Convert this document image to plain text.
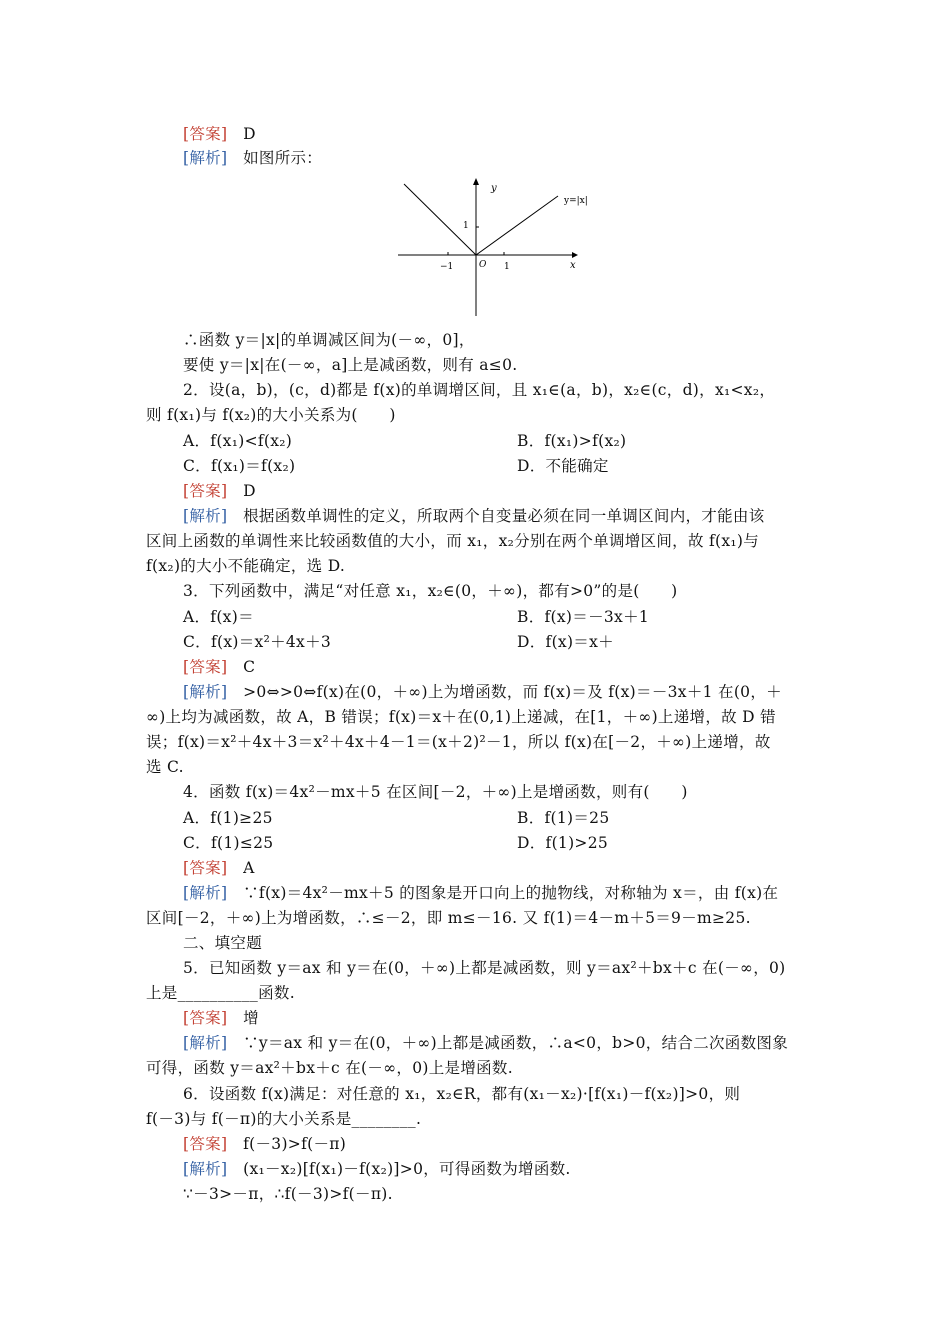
[答案]　 D
[解析]　 如图所示：
y
x
y=|x|
1
−1	O 1
∴函数 y＝|x|的单调减区间为(－∞，0]，
要使 y＝|x|在(－∞，a]上是减函数，则有 a≤0.
2．设(a，b)，(c，d)都是 f(x)的单调增区间，且 x₁∈(a，b)，x₂∈(c，d)，x₁<x₂，
则 f(x₁)与 f(x₂)的大小关系为(　　)
A．f(x₁)<f(x₂)	B．f(x₁)>f(x₂)
C．f(x₁)＝f(x₂)	D．不能确定
[答案]　 D
[解析]　 根据函数单调性的定义，所取两个自变量必须在同一单调区间内，才能由该
区间上函数的单调性来比较函数值的大小，而 x₁，x₂分别在两个单调增区间，故 f(x₁)与
f(x₂)的大小不能确定，选 D.
3．下列函数中，满足“对任意 x₁，x₂∈(0，＋∞)，都有>0”的是(　　)
A．f(x)＝	B．f(x)＝－3x＋1
C．f(x)＝x²＋4x＋3	D．f(x)＝x＋
[答案]　 C
[解析]　 >0⇔>0⇔f(x)在(0，＋∞)上为增函数，而 f(x)＝及 f(x)＝－3x＋1 在(0，＋
∞)上均为减函数，故 A，B 错误；f(x)＝x＋在(0,1)上递减，在[1，＋∞)上递增，故 D 错
误；f(x)＝x²＋4x＋3＝x²＋4x＋4－1＝(x＋2)²－1，所以 f(x)在[－2，＋∞)上递增，故
选 C.
4．函数 f(x)＝4x²－mx＋5 在区间[－2，＋∞)上是增函数，则有(　　)
A．f(1)≥25	B．f(1)＝25
C．f(1)≤25	D．f(1)>25
[答案]　 A
[解析]　 ∵f(x)＝4x²－mx＋5 的图象是开口向上的抛物线，对称轴为 x＝，由 f(x)在
区间[－2，＋∞)上为增函数，∴≤－2，即 m≤－16. 又 f(1)＝4－m＋5＝9－m≥25.
二、填空题
5．已知函数 y＝ax 和 y＝在(0，＋∞)上都是减函数，则 y＝ax²＋bx＋c 在(－∞，0)
上是__________函数.
[答案]　 增
[解析]　 ∵y＝ax 和 y＝在(0，＋∞)上都是减函数，∴a<0，b>0，结合二次函数图象
可得，函数 y＝ax²＋bx＋c 在(－∞，0)上是增函数.
6．设函数 f(x)满足：对任意的 x₁，x₂∈R，都有(x₁－x₂)·[f(x₁)－f(x₂)]>0，则
f(－3)与 f(－π)的大小关系是________.
[答案]　 f(－3)>f(－π)
[解析]　 (x₁－x₂)[f(x₁)－f(x₂)]>0，可得函数为增函数.
∵－3>－π，∴f(－3)>f(－π).
